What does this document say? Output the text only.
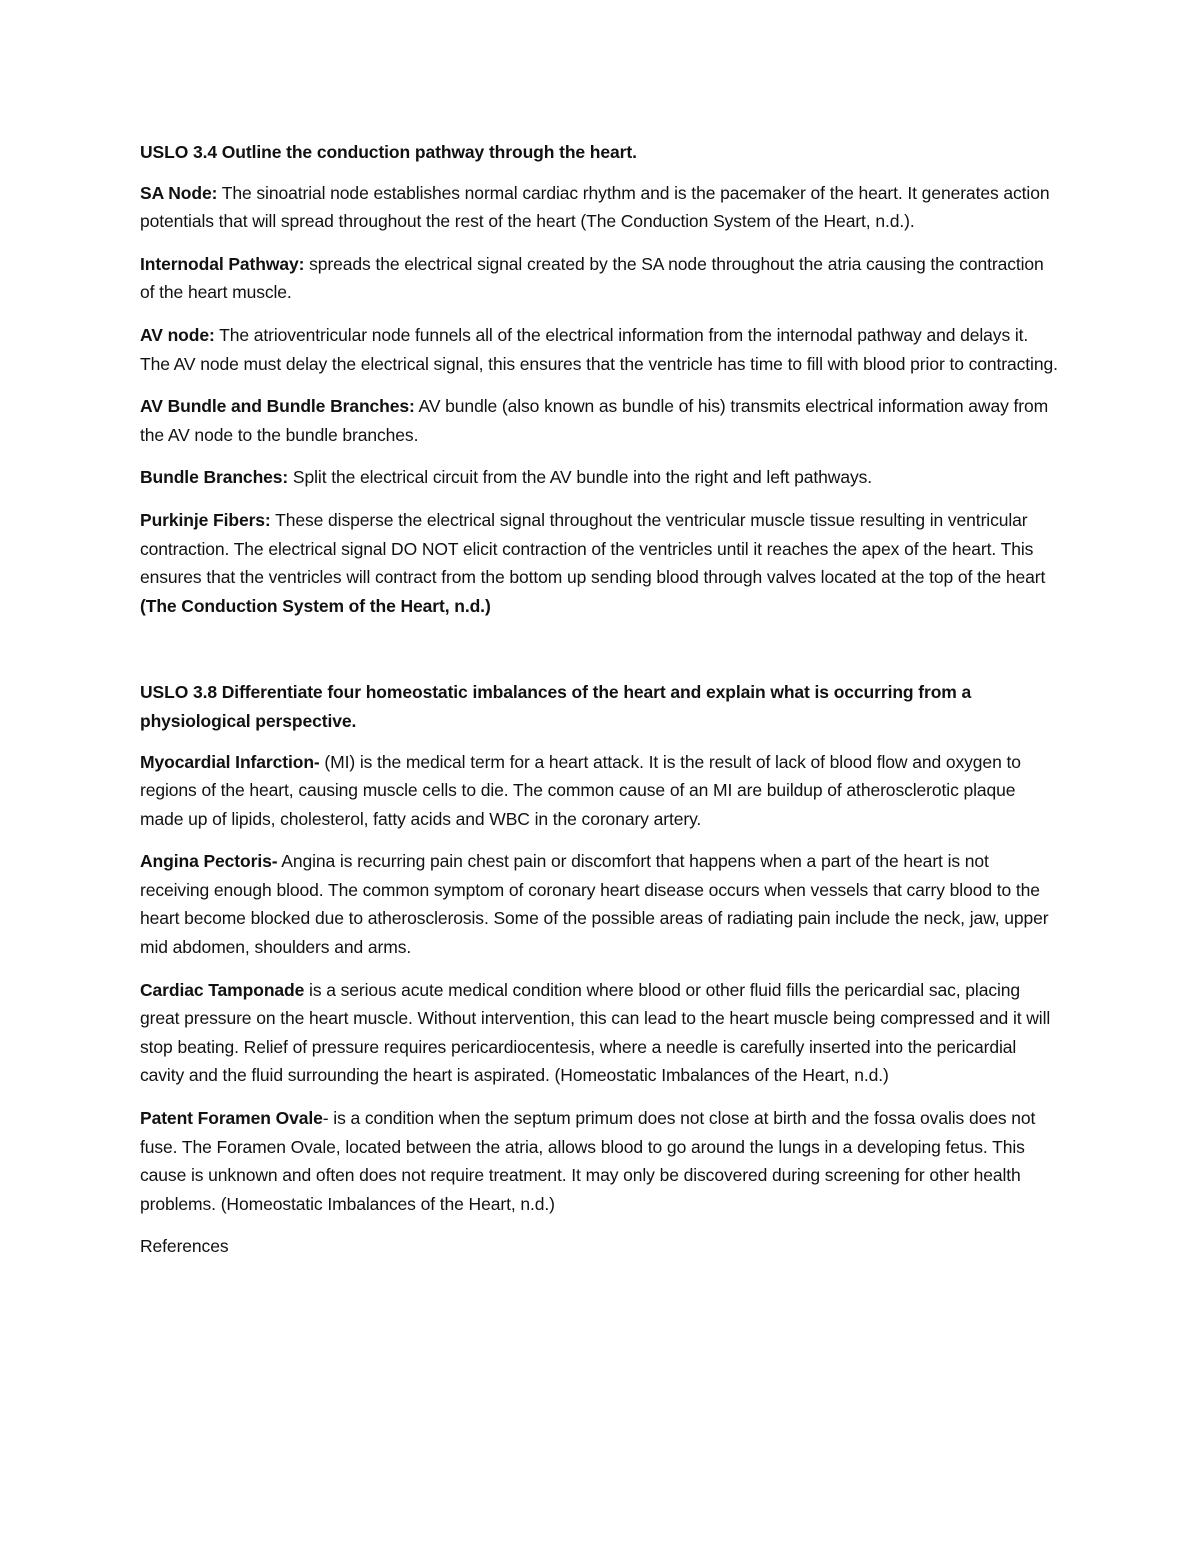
USLO 3.4 Outline the conduction pathway through the heart.

SA Node: The sinoatrial node establishes normal cardiac rhythm and is the pacemaker of the heart. It generates action potentials that will spread throughout the rest of the heart (The Conduction System of the Heart, n.d.).

Internodal Pathway: spreads the electrical signal created by the SA node throughout the atria causing the contraction of the heart muscle.

AV node: The atrioventricular node funnels all of the electrical information from the internodal pathway and delays it. The AV node must delay the electrical signal, this ensures that the ventricle has time to fill with blood prior to contracting.

AV Bundle and Bundle Branches: AV bundle (also known as bundle of his) transmits electrical information away from the AV node to the bundle branches.

Bundle Branches: Split the electrical circuit from the AV bundle into the right and left pathways.

Purkinje Fibers: These disperse the electrical signal throughout the ventricular muscle tissue resulting in ventricular contraction. The electrical signal DO NOT elicit contraction of the ventricles until it reaches the apex of the heart. This ensures that the ventricles will contract from the bottom up sending blood through valves located at the top of the heart (The Conduction System of the Heart, n.d.)

USLO 3.8 Differentiate four homeostatic imbalances of the heart and explain what is occurring from a physiological perspective.

Myocardial Infarction- (MI) is the medical term for a heart attack. It is the result of lack of blood flow and oxygen to regions of the heart, causing muscle cells to die. The common cause of an MI are buildup of atherosclerotic plaque made up of lipids, cholesterol, fatty acids and WBC in the coronary artery.

Angina Pectoris- Angina is recurring pain chest pain or discomfort that happens when a part of the heart is not receiving enough blood. The common symptom of coronary heart disease occurs when vessels that carry blood to the heart become blocked due to atherosclerosis. Some of the possible areas of radiating pain include the neck, jaw, upper mid abdomen, shoulders and arms.

Cardiac Tamponade is a serious acute medical condition where blood or other fluid fills the pericardial sac, placing great pressure on the heart muscle. Without intervention, this can lead to the heart muscle being compressed and it will stop beating. Relief of pressure requires pericardiocentesis, where a needle is carefully inserted into the pericardial cavity and the fluid surrounding the heart is aspirated. (Homeostatic Imbalances of the Heart, n.d.)

Patent Foramen Ovale- is a condition when the septum primum does not close at birth and the fossa ovalis does not fuse. The Foramen Ovale, located between the atria, allows blood to go around the lungs in a developing fetus. This cause is unknown and often does not require treatment. It may only be discovered during screening for other health problems. (Homeostatic Imbalances of the Heart, n.d.)

References
